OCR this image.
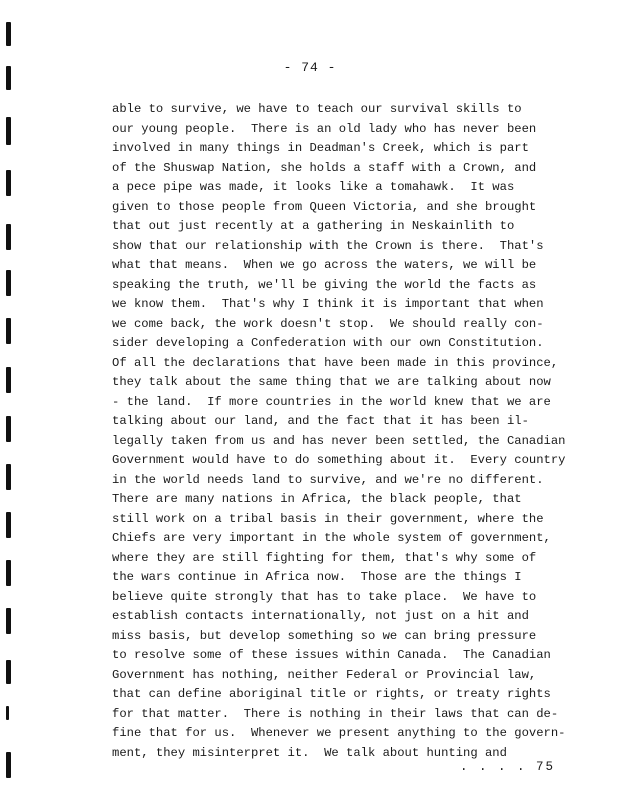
- 74 -
able to survive, we have to teach our survival skills to
our young people.  There is an old lady who has never been
involved in many things in Deadman's Creek, which is part
of the Shuswap Nation, she holds a staff with a Crown, and
a pece pipe was made, it looks like a tomahawk.  It was
given to those people from Queen Victoria, and she brought
that out just recently at a gathering in Neskainlith to
show that our relationship with the Crown is there.  That's
what that means.  When we go across the waters, we will be
speaking the truth, we'll be giving the world the facts as
we know them.  That's why I think it is important that when
we come back, the work doesn't stop.  We should really con-
sider developing a Confederation with our own Constitution.
Of all the declarations that have been made in this province,
they talk about the same thing that we are talking about now
- the land.  If more countries in the world knew that we are
talking about our land, and the fact that it has been il-
legally taken from us and has never been settled, the Canadian
Government would have to do something about it.  Every country
in the world needs land to survive, and we're no different.
There are many nations in Africa, the black people, that
still work on a tribal basis in their government, where the
Chiefs are very important in the whole system of government,
where they are still fighting for them, that's why some of
the wars continue in Africa now.  Those are the things I
believe quite strongly that has to take place.  We have to
establish contacts internationally, not just on a hit and
miss basis, but develop something so we can bring pressure
to resolve some of these issues within Canada.  The Canadian
Government has nothing, neither Federal or Provincial law,
that can define aboriginal title or rights, or treaty rights
for that matter.  There is nothing in their laws that can de-
fine that for us.  Whenever we present anything to the govern-
ment, they misinterpret it.  We talk about hunting and
. . . . 75
